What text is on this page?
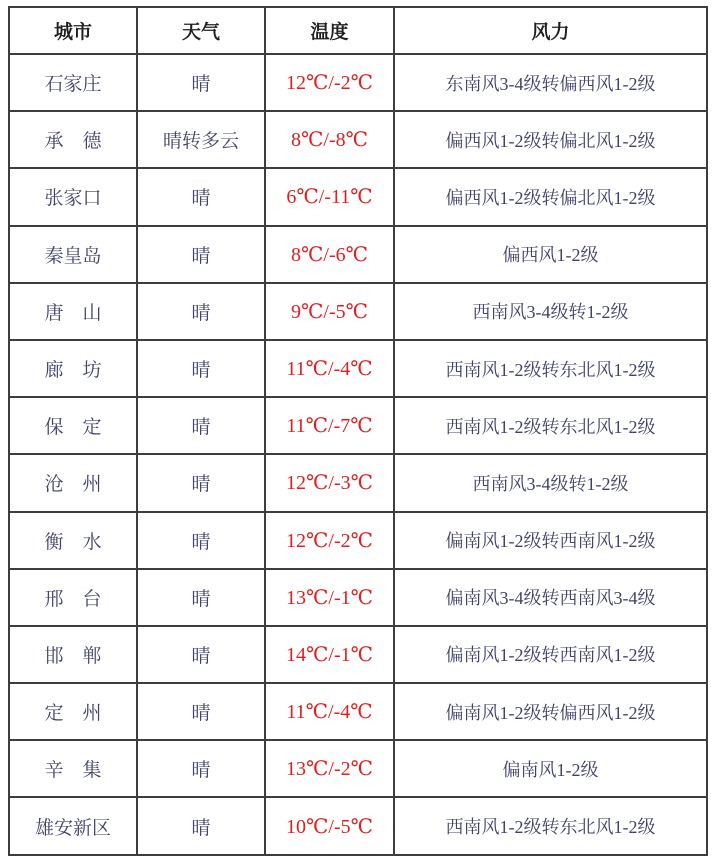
城市	天气	温度	风力
石家庄	晴	12℃/-2℃	东南风3-4级转偏西风1-2级
承　德	晴转多云	8℃/-8℃	偏西风1-2级转偏北风1-2级
张家口	晴	6℃/-11℃	偏西风1-2级转偏北风1-2级
秦皇岛	晴	8℃/-6℃	偏西风1-2级
唐　山	晴	9℃/-5℃	西南风3-4级转1-2级
廊　坊	晴	11℃/-4℃	西南风1-2级转东北风1-2级
保　定	晴	11℃/-7℃	西南风1-2级转东北风1-2级
沧　州	晴	12℃/-3℃	西南风3-4级转1-2级
衡　水	晴	12℃/-2℃	偏南风1-2级转西南风1-2级
邢　台	晴	13℃/-1℃	偏南风3-4级转西南风3-4级
邯　郸	晴	14℃/-1℃	偏南风1-2级转西南风1-2级
定　州	晴	11℃/-4℃	偏南风1-2级转偏西风1-2级
辛　集	晴	13℃/-2℃	偏南风1-2级
雄安新区	晴	10℃/-5℃	西南风1-2级转东北风1-2级
